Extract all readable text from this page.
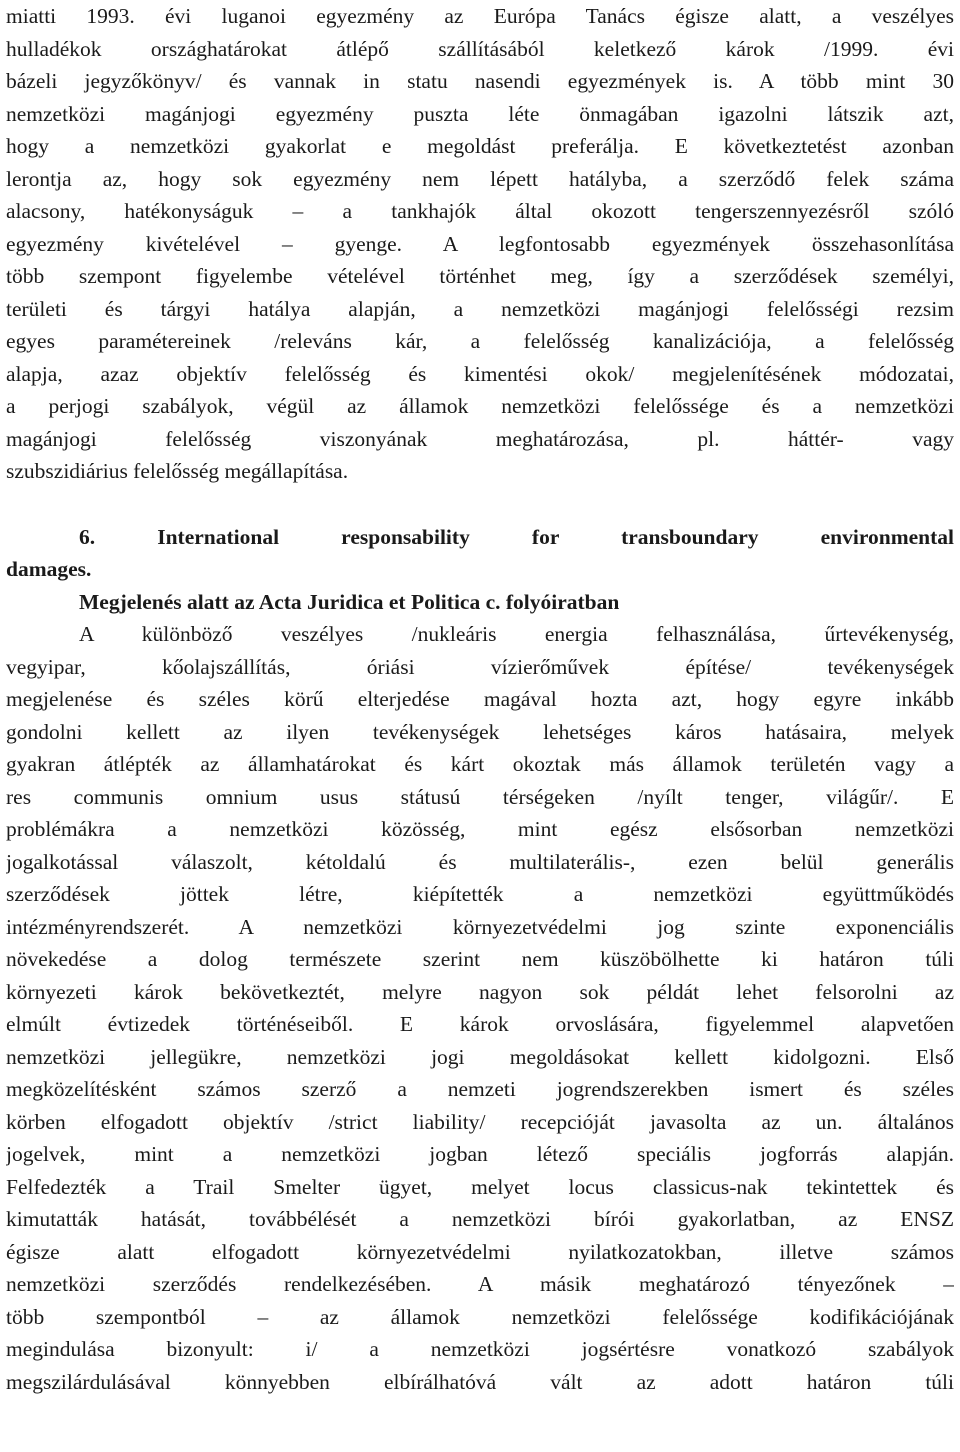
miatti 1993. évi luganoi egyezmény az Európa Tanács égisze alatt, a veszélyes
hulladékok országhatárokat átlépő szállításából keletkező károk /1999. évi
bázeli jegyzőkönyv/ és vannak in statu nasendi egyezmények is. A több mint 30
nemzetközi magánjogi egyezmény puszta léte önmagában igazolni látszik azt,
hogy a nemzetközi gyakorlat e megoldást preferálja. E következtetést azonban
lerontja az, hogy sok egyezmény nem lépett hatályba, a szerződő felek száma
alacsony, hatékonyságuk – a tankhajók által okozott tengerszennyezésről szóló
egyezmény kivételével – gyenge. A legfontosabb egyezmények összehasonlítása
több szempont figyelembe vételével történhet meg, így a szerződések személyi,
területi és tárgyi hatálya alapján, a nemzetközi magánjogi felelősségi rezsim
egyes paramétereinek /releváns kár, a felelősség kanalizációja, a felelősség
alapja, azaz objektív felelősség és kimentési okok/ megjelenítésének módozatai,
a perjogi szabályok, végül az államok nemzetközi felelőssége és a nemzetközi
magánjogi felelősség viszonyának meghatározása, pl. háttér- vagy
szubszidiárius felelősség megállapítása.
6. International responsability for transboundary environmental
damages.
Megjelenés alatt az Acta Juridica et Politica c. folyóiratban
A különböző veszélyes /nukleáris energia felhasználása, űrtevékenység,
vegyipar, kőolajszállítás, óriási vízierőművek építése/ tevékenységek
megjelenése és széles körű elterjedése magával hozta azt, hogy egyre inkább
gondolni kellett az ilyen tevékenységek lehetséges káros hatásaira, melyek
gyakran átlépték az államhatárokat és kárt okoztak más államok területén vagy a
res communis omnium usus státusú térségeken /nyílt tenger, világűr/. E
problémákra a nemzetközi közösség, mint egész elsősorban nemzetközi
jogalkotással válaszolt, kétoldalú és multilaterális-, ezen belül generális
szerződések jöttek létre, kiépítették a nemzetközi együttműködés
intézményrendszerét. A nemzetközi környezetvédelmi jog szinte exponenciális
növekedése a dolog természete szerint nem küszöbölhette ki határon túli
környezeti károk bekövetkeztét, melyre nagyon sok példát lehet felsorolni az
elmúlt évtizedek történéseiből. E károk orvoslására, figyelemmel alapvetően
nemzetközi jellegükre, nemzetközi jogi megoldásokat kellett kidolgozni. Első
megközelítésként számos szerző a nemzeti jogrendszerekben ismert és széles
körben elfogadott objektív /strict liability/ recepcióját javasolta az un. általános
jogelvek, mint a nemzetközi jogban létező speciális jogforrás alapján.
Felfedezték a Trail Smelter ügyet, melyet locus classicus-nak tekintettek és
kimutatták hatását, továbbélését a nemzetközi bírói gyakorlatban, az ENSZ
égisze alatt elfogadott környezetvédelmi nyilatkozatokban, illetve számos
nemzetközi szerződés rendelkezésében. A másik meghatározó tényezőnek –
több szempontból – az államok nemzetközi felelőssége kodifikációjának
megindulása bizonyult: i/ a nemzetközi jogsértésre vonatkozó szabályok
megszilárdulásával könnyebben elbírálhatóvá vált az adott határon túli
